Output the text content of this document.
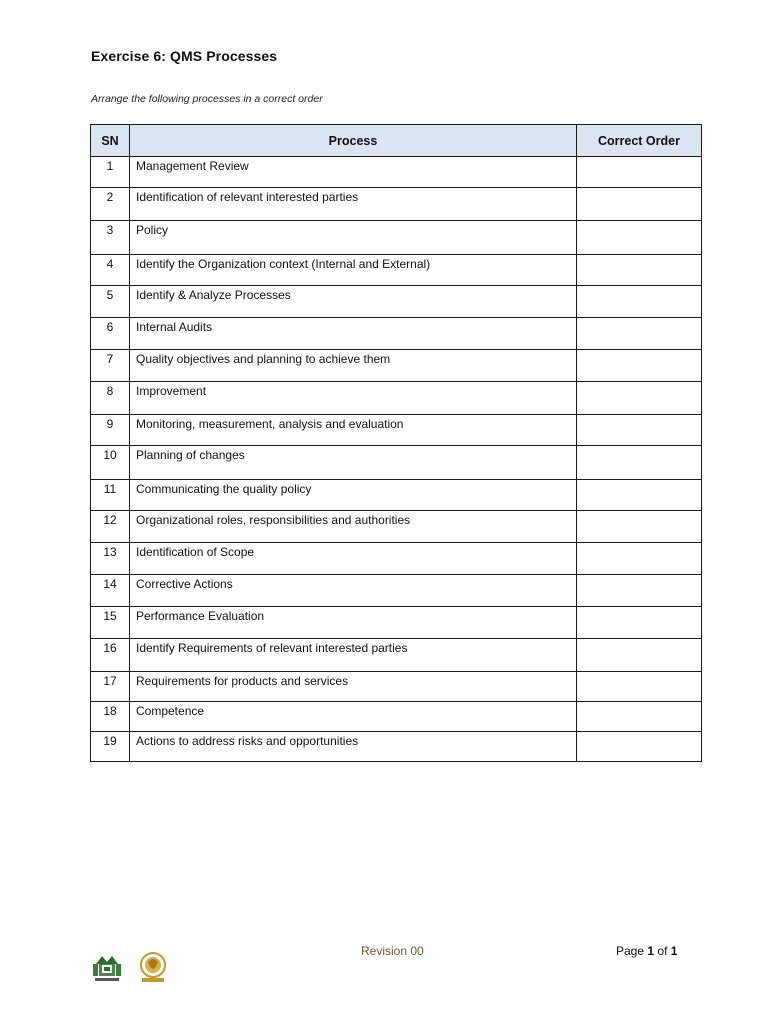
Exercise 6: QMS Processes
Arrange the following processes in a correct order
SN	Process	Correct Order
1	Management Review	
2	Identification of relevant interested parties	
3	Policy	
4	Identify the Organization context (Internal and External)	
5	Identify & Analyze Processes	
6	Internal Audits	
7	Quality objectives and planning to achieve them	
8	Improvement	
9	Monitoring, measurement, analysis and evaluation	
10	Planning of changes	
11	Communicating the quality policy	
12	Organizational roles, responsibilities and authorities	
13	Identification of Scope	
14	Corrective Actions	
15	Performance Evaluation	
16	Identify Requirements of relevant interested parties	
17	Requirements for products and services	
18	Competence	
19	Actions to address risks and opportunities	
Revision 00	Page 1 of 1
